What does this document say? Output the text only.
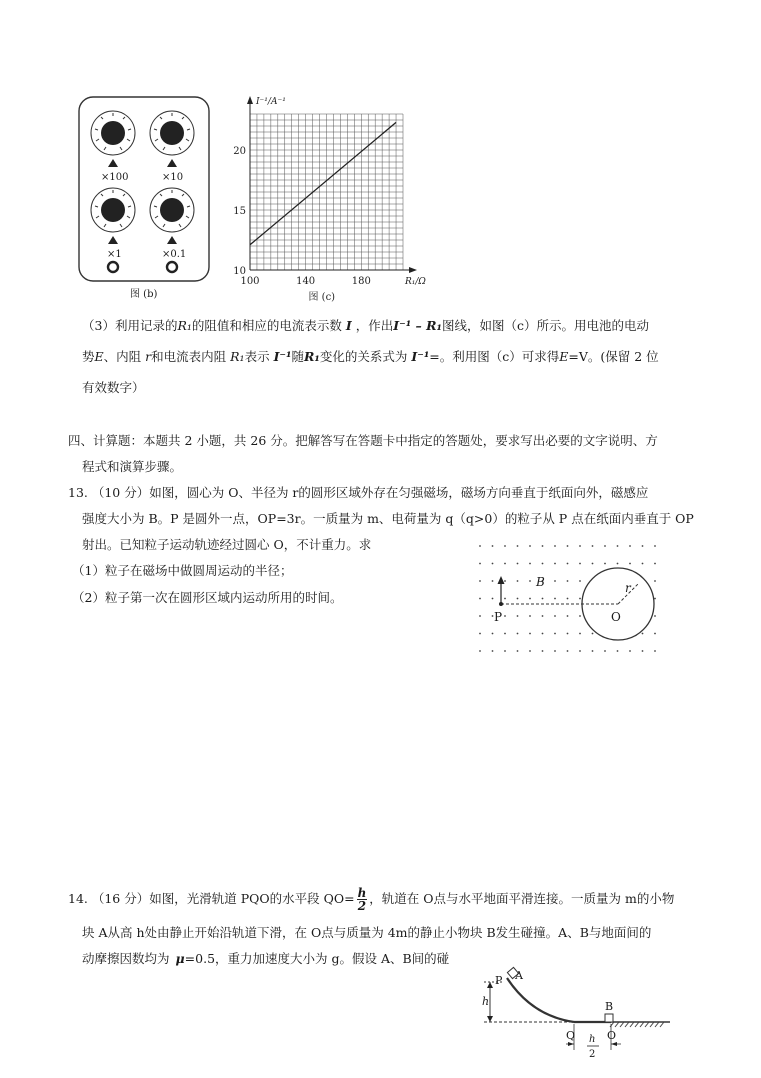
×100	×10
×1	×0.1
图 (b)
100	140	180
10
15
20
I⁻¹/A⁻¹
R₁/Ω
图 (c)
（3）利用记录的R₁的阻值和相应的电流表示数 I ，作出I⁻¹ – R₁图线，如图（c）所示。用电池的电动
势E、内阻 r和电流表内阻 R₁表示 I⁻¹随R₁变化的关系式为 I⁻¹=。利用图（c）可求得E=V。(保留 2 位
有效数字）
四、计算题：本题共 2 小题，共 26 分。把解答写在答题卡中指定的答题处，要求写出必要的文字说明、方
程式和演算步骤。
13. （10 分）如图，圆心为 O、半径为 r的圆形区域外存在匀强磁场，磁场方向垂直于纸面向外，磁感应
强度大小为 B。P 是圆外一点，OP=3r。一质量为 m、电荷量为 q（q>0）的粒子从 P 点在纸面内垂直于 OP
射出。已知粒子运动轨迹经过圆心 O，不计重力。求
（1）粒子在磁场中做圆周运动的半径；
（2）粒子第一次在圆形区域内运动所用的时间。
B	r
P	O
14. （16 分）如图，光滑轨道 PQO的水平段 $QO= \frac{h}{2}$ ，轨道在 O点与水平地面平滑连接。一质量为 m的小物
块 A从高 h处由静止开始沿轨道下滑，在 O点与质量为 4m的静止小物块 B发生碰撞。A、B与地面间的
动摩擦因数均为 μ=0.5，重力加速度大小为 g。假设 A、B间的碰
P A
h	B
Q	O
h
2
